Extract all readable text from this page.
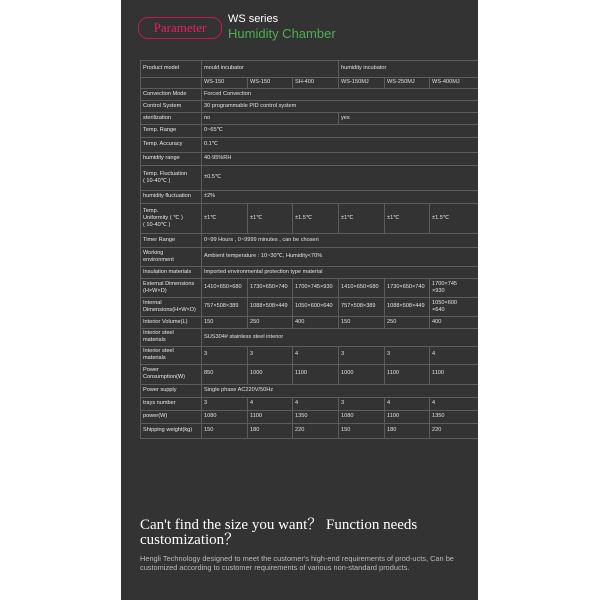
Parameter
WS series
Humidity Chamber
Product model	mould incubator			humidity incubator		
	WS-150	WS-150	SH-400	WS-150MJ	WS-250MJ	WS-400MJ
Convection Mode	Forced Convection					
Control System	30 programmable PID control system					
sterilization	no			yes		
Temp. Range	0~65℃					
Temp. Accuracy	0.1℃					
humidity range	40-95%RH					
Temp. Fluctuation
( 10-40℃ )	±0.5℃					
humidity fluctuation	±2%					
Temp.
Uniformity ( ℃ )
( 10-40℃ )	±1℃	±1℃	±1.5℃	±1℃	±1℃	±1.5℃
Timer Range	0~99 Hours , 0~9999 minutes , can be chosen					
Working
environment	Ambient temperature : 10~30℃, Humidity<70%					
Insulation materials	Imported environmental protection type material					
External Dimensions
(H×W×D)	1410×650×680	1730×650×740	1700×745×930	1410×650×680	1730×650×740	1700×745
×930
Internal
Dimensions(H×W×D)	757×508×389	1088×508×449	1050×600×640	757×508×389	1088×508×449	1050×600
×640
Interior Volume(L)	150	250	400	150	250	400
Interior steel
materials	SUS304# stainless steel interior					
Interior steel
materials	3	3	4	3	3	4
Power
Consumption(W)	850	1000	1100	1000	1100	1100
Power supply	Single phase AC220V/50Hz					
trays number	3	4	4	3	4	4
power(W)	1080	1100	1350	1080	1100	1350
Shipping weight(kg)	150	180	220	150	180	220
Can't find the size you want？ Function needs customization？
Hengli Technology designed to meet the customer's high-end requirements of prod-ucts, Can be customized according to customer requirements of various non-standard products.
